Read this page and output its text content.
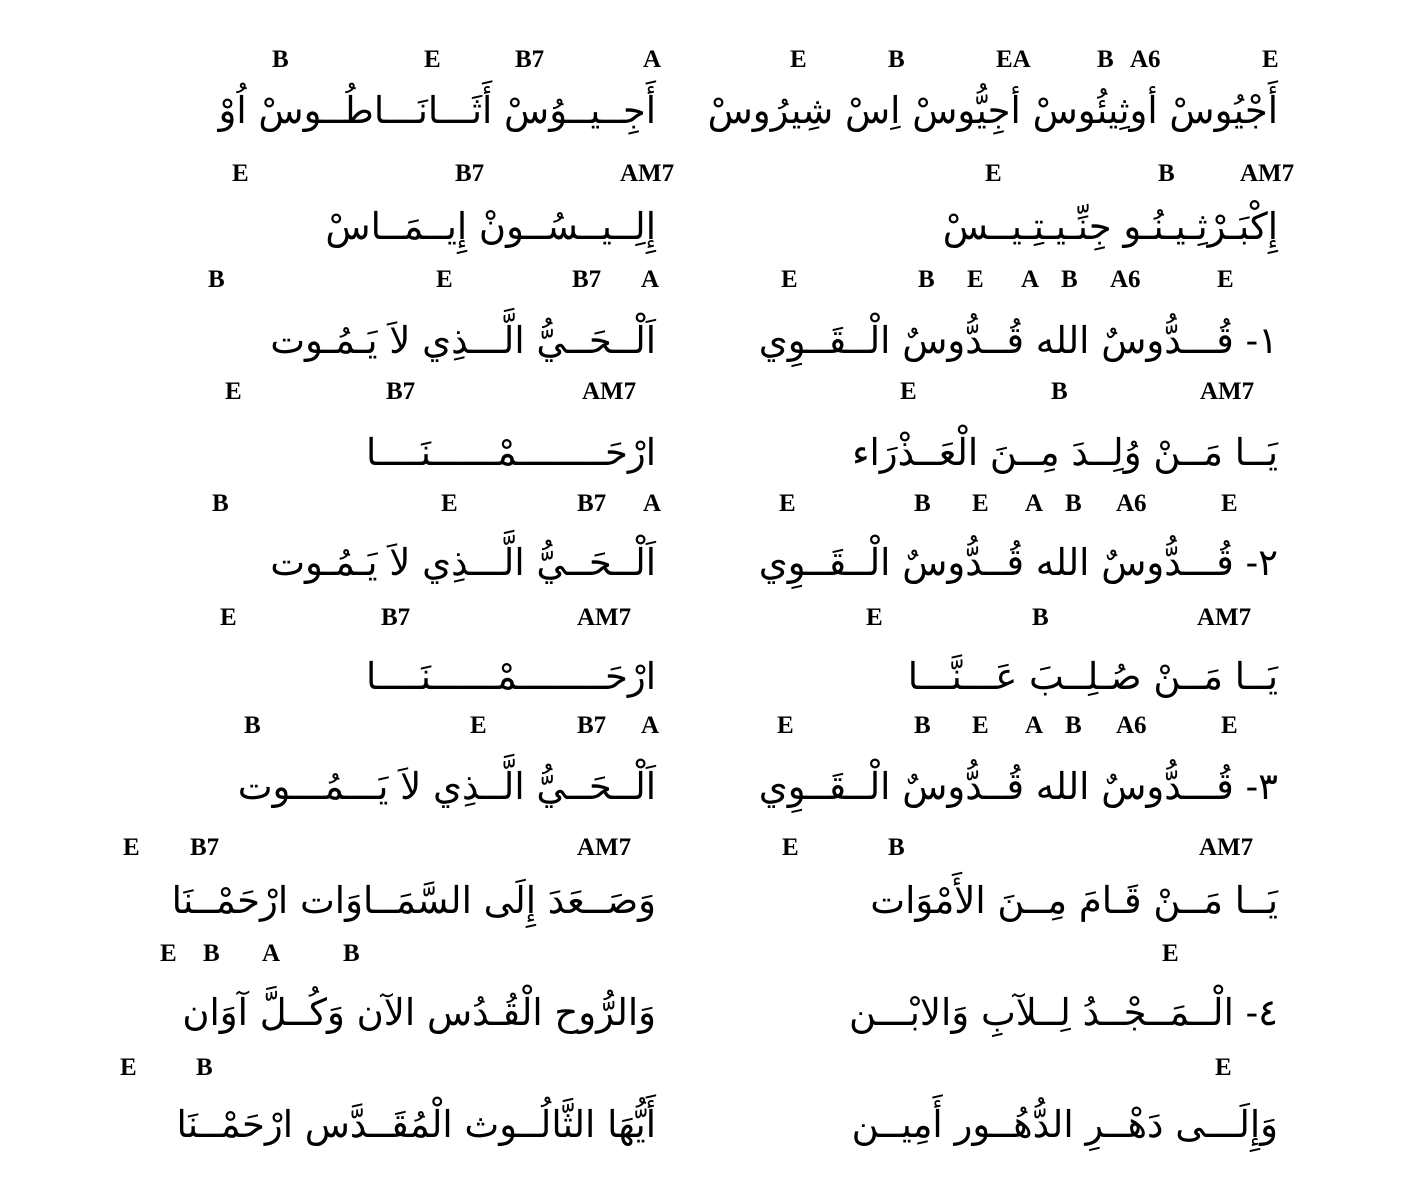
B	E	B7	A	E	B	EA	B A6	E
أَجِــيــوُسْ أَثَـــانَـــاطُــوسْ اُوْ أَجْيُوسْ أوثِيئُوسْ أجِيُّوسْ اِسْ شِيرُوسْ
E	B7	AM7	E	B	AM7
إِلِــيــسُــونْ إِيــمَــاسْ	إِكْبَـرْثِـيـنُـو جِنِّـيـتِـيــسْ
B	E	B7 A	E	B E A B A6	E
اَلْــحَــيُّ الَّـــذِي لاَ يَـمُـوت	١- قُـــدُّوسٌ الله قُــدُّوسٌ الْــقَــوِي
E	B7	AM7	E	B	AM7
ارْحَــــــــمْــــــنَــــا	يَــا مَــنْ وُلِــدَ مِــنَ الْعَــذْرَاء
B	E	B7 A	E	B E A B A6	E
اَلْــحَــيُّ الَّـــذِي لاَ يَـمُـوت	٢- قُـــدُّوسٌ الله قُــدُّوسٌ الْــقَــوِي
E	B7	AM7	E	B	AM7
ارْحَــــــــمْــــــنَــــا	يَــا مَــنْ صُـلِــبَ عَـــنَّـــا
B	E	B7 A	E	B E A B A6	E
اَلْــحَــيُّ الَّــذِي لاَ يَـــمُـــوت	٣- قُـــدُّوسٌ الله قُــدُّوسٌ الْــقَــوِي
E B7	AM7	E	B	AM7
وَصَــعَدَ إِلَى السَّمَــاوَات ارْحَمْــنَا	يَــا مَــنْ قَـامَ مِــنَ الأَمْوَات
E B A	B	E
وَالرُّوح الْقُـدُس الآن وَكُــلَّ آوَان	٤- الْــمَــجْــدُ لِــلآبِ وَالابْـــن
E B	E
أَيُّهَا الثَّالُــوث الْمُقَــدَّس ارْحَمْــنَا	وَإِلَـــى دَهْــرِ الدُّهُــور أَمِيــن
